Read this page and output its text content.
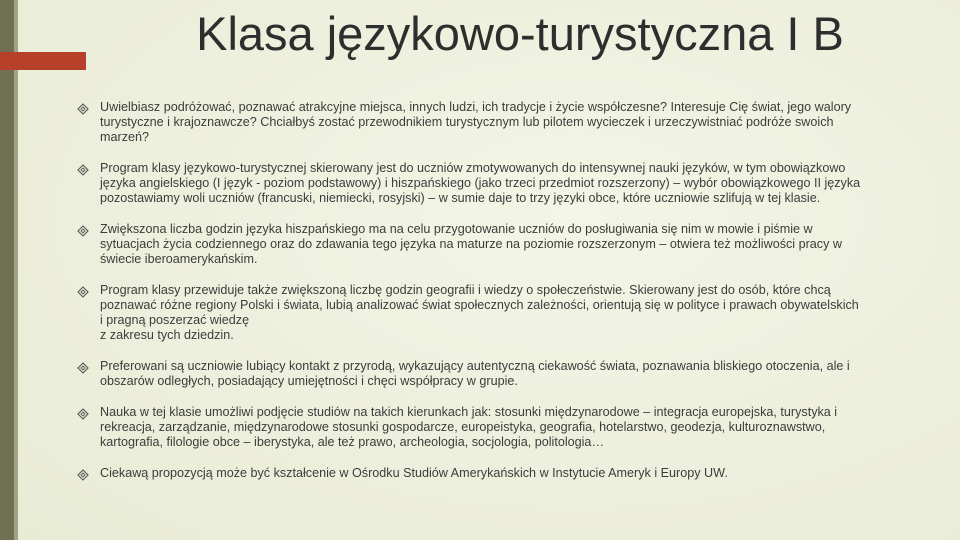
Klasa językowo-turystyczna I B
Uwielbiasz podróżować, poznawać atrakcyjne miejsca, innych ludzi, ich tradycje i życie współczesne? Interesuje Cię świat, jego walory
turystyczne i krajoznawcze? Chciałbyś zostać przewodnikiem turystycznym lub pilotem wycieczek i urzeczywistniać podróże swoich
marzeń?
Program klasy językowo-turystycznej skierowany jest do uczniów zmotywowanych do intensywnej nauki języków, w tym obowiązkowo
języka angielskiego (I język - poziom podstawowy) i hiszpańskiego (jako trzeci przedmiot rozszerzony) – wybór obowiązkowego II języka
pozostawiamy woli uczniów (francuski, niemiecki, rosyjski) – w sumie daje to trzy języki obce, które uczniowie szlifują w tej klasie.
Zwiększona liczba godzin języka hiszpańskiego ma na celu przygotowanie uczniów do posługiwania się nim w mowie i piśmie w
sytuacjach życia codziennego oraz do zdawania tego języka na maturze na poziomie rozszerzonym – otwiera też możliwości pracy w
świecie iberoamerykańskim.
Program klasy przewiduje także zwiększoną liczbę godzin geografii i wiedzy o społeczeństwie. Skierowany jest do osób, które chcą
poznawać różne regiony Polski i świata, lubią analizować świat społecznych zależności, orientują się w polityce i prawach obywatelskich
i pragną poszerzać wiedzę
z zakresu tych dziedzin.
Preferowani są uczniowie lubiący kontakt z przyrodą, wykazujący autentyczną ciekawość świata, poznawania bliskiego otoczenia, ale i
obszarów odległych, posiadający umiejętności i chęci współpracy w grupie.
Nauka w tej klasie umożliwi podjęcie studiów na takich kierunkach jak: stosunki międzynarodowe – integracja europejska, turystyka i
rekreacja, zarządzanie, międzynarodowe stosunki gospodarcze, europeistyka, geografia, hotelarstwo, geodezja, kulturoznawstwo,
kartografia, filologie obce – iberystyka, ale też prawo, archeologia, socjologia, politologia…
Ciekawą propozycją może być kształcenie w Ośrodku Studiów Amerykańskich w Instytucie Ameryk i Europy UW.
